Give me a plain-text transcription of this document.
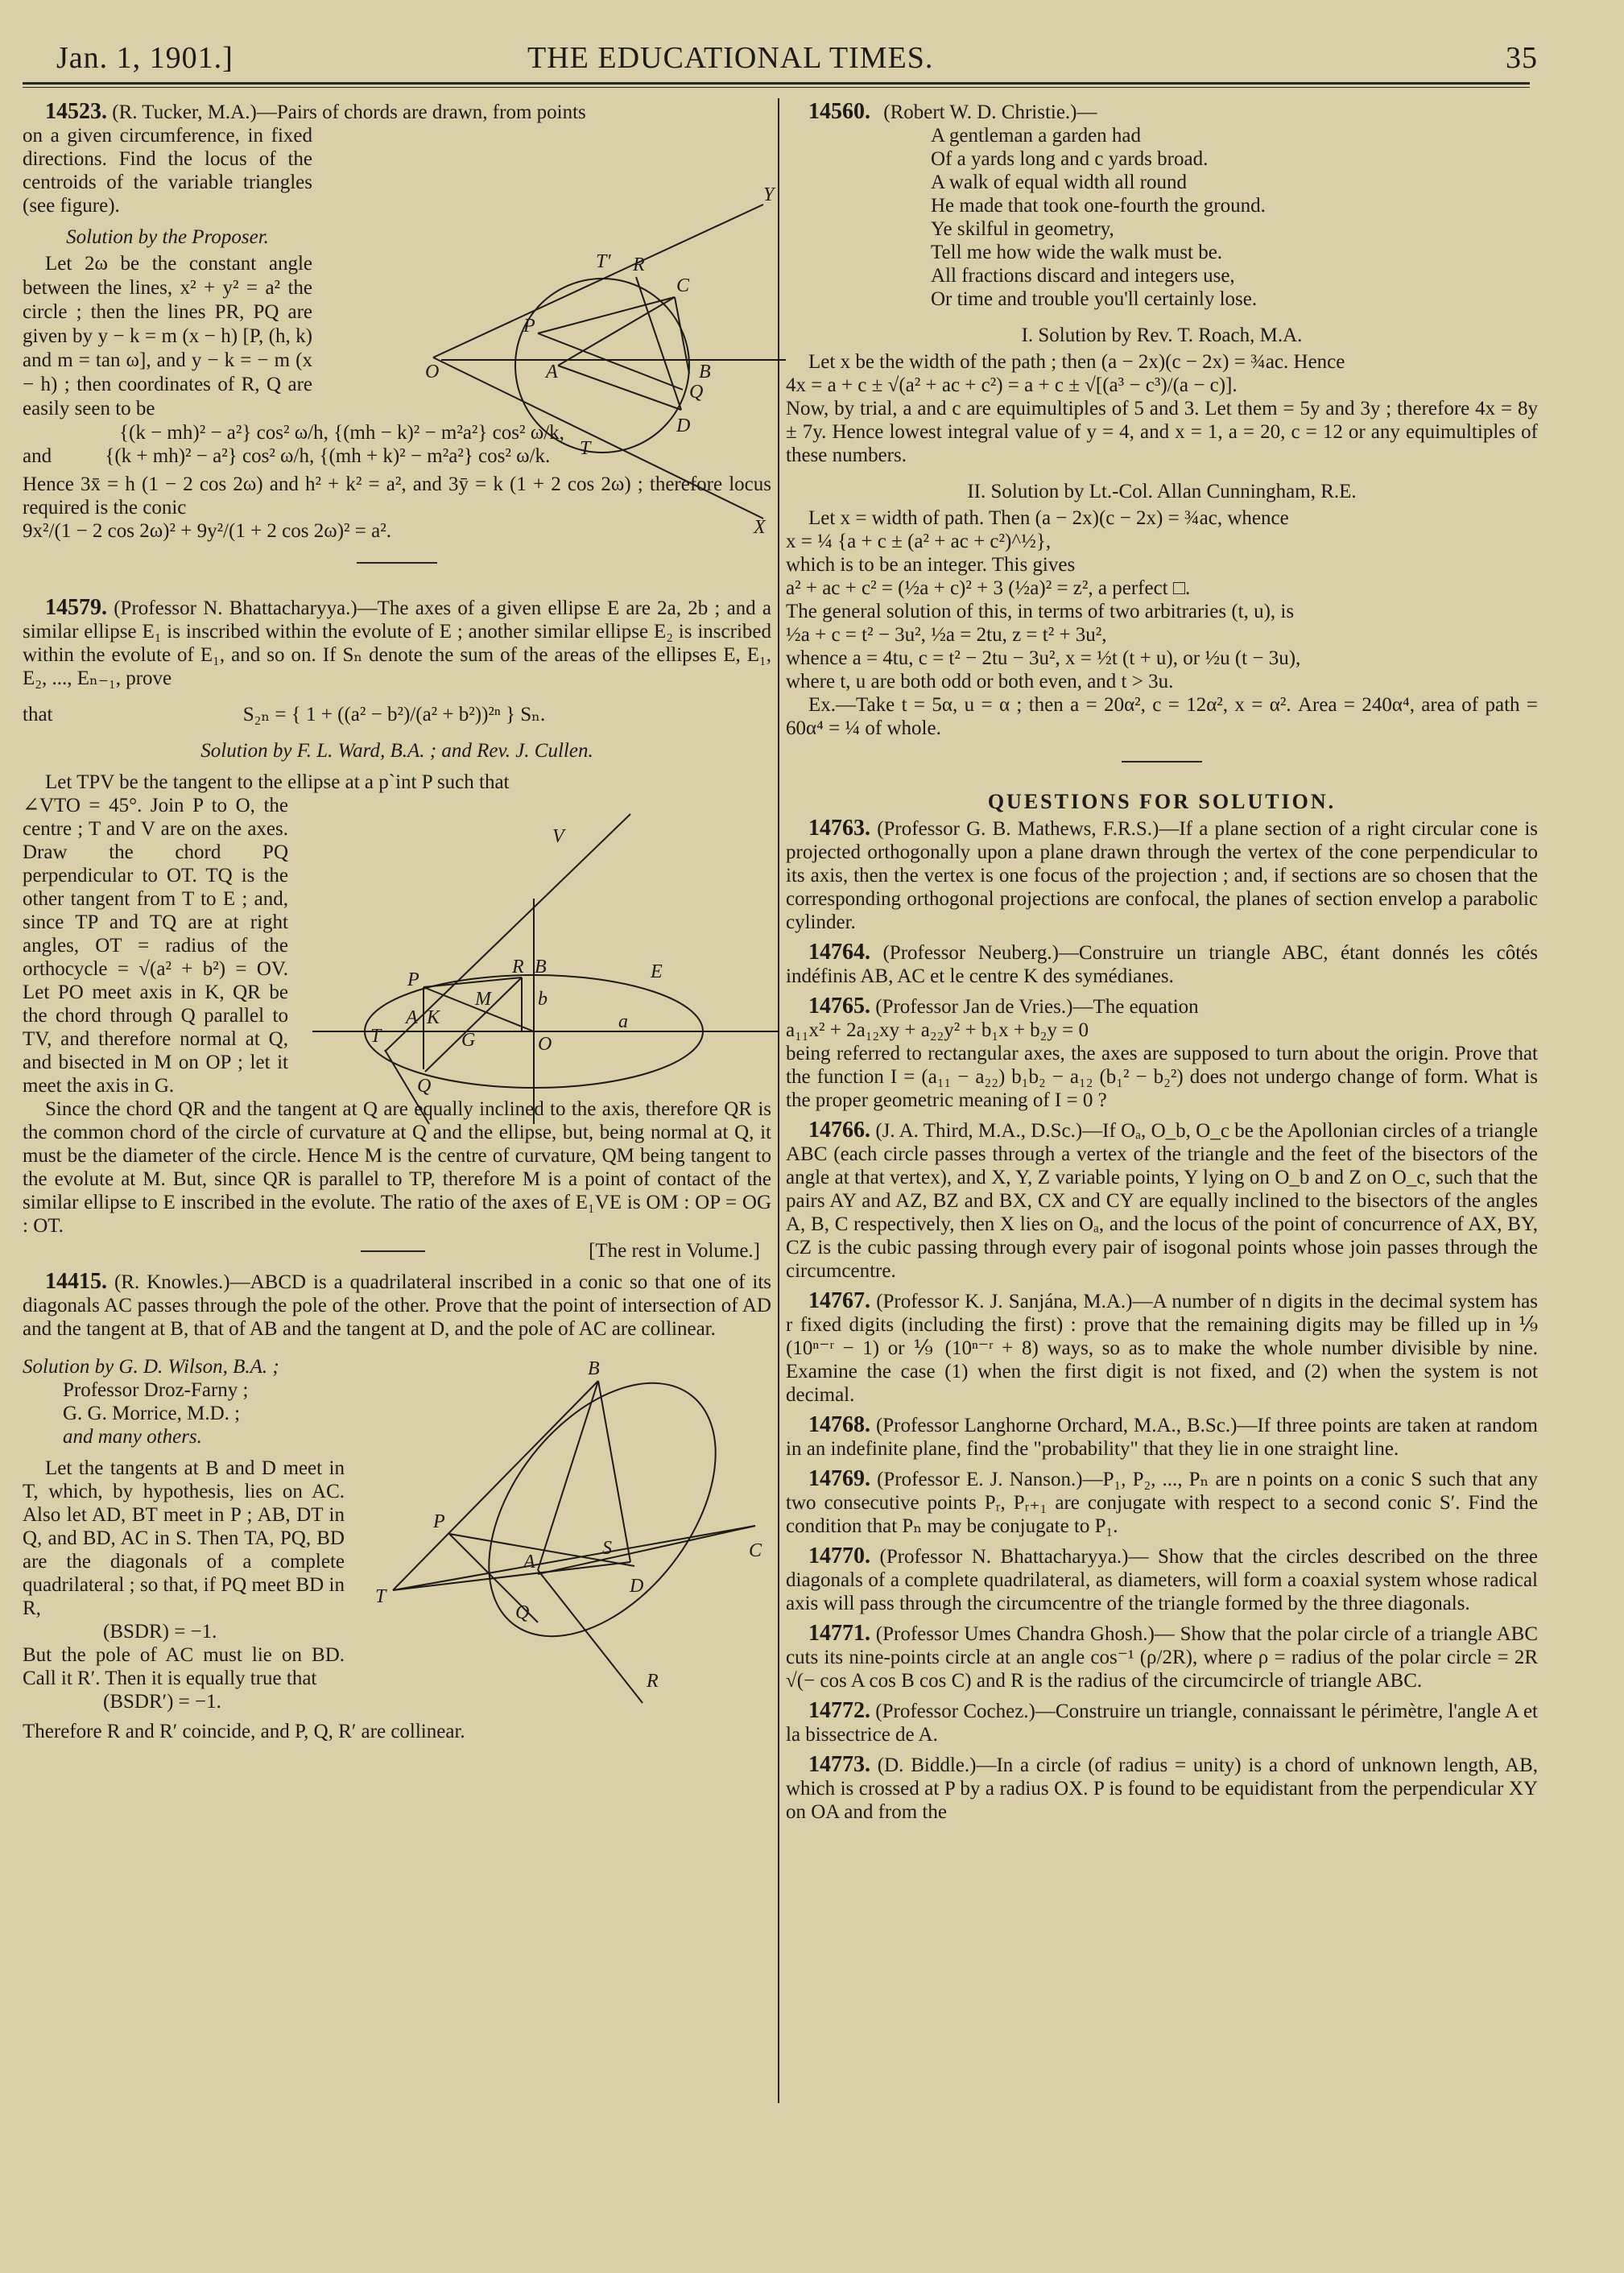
Jan. 1, 1901.]	THE EDUCATIONAL TIMES.	35

14523. (R. Tucker, M.A.)—Pairs of chords are drawn, from points

Y
T′ R
C
P
O	A	B
Q
D
T
X

on a given circumference, in fixed directions. Find the locus of the centroids of the variable triangles (see figure).

Solution by the Proposer.

Let 2ω be the constant angle between the lines, x² + y² = a² the circle ; then the lines PR, PQ are given by y − k = m (x − h) [P, (h, k) and m = tan ω], and y − k = − m (x − h) ; then coordinates of R, Q are easily seen to be

{(k − mh)² − a²} cos² ω/h, {(mh − k)² − m²a²} cos² ω/k,

and	{(k + mh)² − a²} cos² ω/h, {(mh + k)² − m²a²} cos² ω/k.

Hence 3x̄ = h (1 − 2 cos 2ω) and h² + k² = a², and 3ȳ = k (1 + 2 cos 2ω) ; therefore locus required is the conic

9x²/(1 − 2 cos 2ω)² + 9y²/(1 + 2 cos 2ω)² = a².

14579. (Professor N. Bhattacharyya.)—The axes of a given ellipse E are 2a, 2b ; and a similar ellipse E₁ is inscribed within the evolute of E ; another similar ellipse E₂ is inscribed within the evolute of E₁, and so on. If Sₙ denote the sum of the areas of the ellipses E, E₁, E₂, ..., Eₙ₋₁, prove

that	S₂ₙ = { 1 + ((a² − b²)/(a² + b²))²ⁿ } Sₙ.

Solution by F. L. Ward, B.A. ; and Rev. J. Cullen.

Let TPV be the tangent to the ellipse at a p`int P such that

V
R B	E
P
M b
a
T
A K
G	O
Q

∠VTO = 45°. Join P to O, the centre ; T and V are on the axes. Draw the chord PQ perpendicular to OT. TQ is the other tangent from T to E ; and, since TP and TQ are at right angles, OT = radius of the orthocycle = √(a² + b²) = OV. Let PO meet axis in K, QR be the chord through Q parallel to TV, and therefore normal at Q, and bisected in M on OP ; let it meet the axis in G.

Since the chord QR and the tangent at Q are equally inclined to the axis, therefore QR is the common chord of the circle of curvature at Q and the ellipse, but, being normal at Q, it must be the diameter of the circle. Hence M is the centre of curvature, QM being tangent to the evolute at M. But, since QR is parallel to TP, therefore M is a point of contact of the similar ellipse to E inscribed in the evolute. The ratio of the axes of E₁VE is OM : OP = OG : OT.

[The rest in Volume.]

14415. (R. Knowles.)—ABCD is a quadrilateral inscribed in a conic so that one of its diagonals AC passes through the pole of the other. Prove that the point of intersection of AD and the tangent at B, that of AB and the tangent at D, and the pole of AC are collinear.

B
P
A
S	C
T
Q
D
R

Solution by G. D. Wilson, B.A. ;

Professor Droz-Farny ;

G. G. Morrice, M.D. ;

and many others.

Let the tangents at B and D meet in T, which, by hypothesis, lies on AC. Also let AD, BT meet in P ; AB, DT in Q, and BD, AC in S. Then TA, PQ, BD are the diagonals of a complete quadrilateral ; so that, if PQ meet BD in R,

(BSDR) = −1.

But the pole of AC must lie on BD. Call it R′. Then it is equally true that

(BSDR′) = −1.

Therefore R and R′ coincide, and P, Q, R′ are collinear.

14560. (Robert W. D. Christie.)—

A gentleman a garden had

Of a yards long and c yards broad.

A walk of equal width all round

He made that took one-fourth the ground.

Ye skilful in geometry,

Tell me how wide the walk must be.

All fractions discard and integers use,

Or time and trouble you'll certainly lose.

I. Solution by Rev. T. Roach, M.A.

Let x be the width of the path ; then (a − 2x)(c − 2x) = ¾ac. Hence

4x = a + c ± √(a² + ac + c²) = a + c ± √[(a³ − c³)/(a − c)].

Now, by trial, a and c are equimultiples of 5 and 3. Let them = 5y and 3y ; therefore 4x = 8y ± 7y. Hence lowest integral value of y = 4, and x = 1, a = 20, c = 12 or any equimultiples of these numbers.

II. Solution by Lt.-Col. Allan Cunningham, R.E.

Let x = width of path. Then (a − 2x)(c − 2x) = ¾ac, whence

x = ¼ {a + c ± (a² + ac + c²)^½},

which is to be an integer. This gives

a² + ac + c² = (½a + c)² + 3 (½a)² = z², a perfect □.

The general solution of this, in terms of two arbitraries (t, u), is

½a + c = t² − 3u², ½a = 2tu, z = t² + 3u²,

whence a = 4tu, c = t² − 2tu − 3u², x = ½t (t + u), or ½u (t − 3u),

where t, u are both odd or both even, and t > 3u.

Ex.—Take t = 5α, u = α ; then a = 20α², c = 12α², x = α². Area = 240α⁴, area of path = 60α⁴ = ¼ of whole.

QUESTIONS FOR SOLUTION.

14763. (Professor G. B. Mathews, F.R.S.)—If a plane section of a right circular cone is projected orthogonally upon a plane drawn through the vertex of the cone perpendicular to its axis, then the vertex is one focus of the projection ; and, if sections are so chosen that the corresponding orthogonal projections are confocal, the planes of section envelop a parabolic cylinder.

14764. (Professor Neuberg.)—Construire un triangle ABC, étant donnés les côtés indéfinis AB, AC et le centre K des symédianes.

14765. (Professor Jan de Vries.)—The equation

a₁₁x² + 2a₁₂xy + a₂₂y² + b₁x + b₂y = 0

being referred to rectangular axes, the axes are supposed to turn about the origin. Prove that the function I = (a₁₁ − a₂₂) b₁b₂ − a₁₂ (b₁² − b₂²) does not undergo change of form. What is the proper geometric meaning of I = 0 ?

14766. (J. A. Third, M.A., D.Sc.)—If Oₐ, O_b, O_c be the Apollonian circles of a triangle ABC (each circle passes through a vertex of the triangle and the feet of the bisectors of the angle at that vertex), and X, Y, Z variable points, Y lying on O_b and Z on O_c, such that the pairs AY and AZ, BZ and BX, CX and CY are equally inclined to the bisectors of the angles A, B, C respectively, then X lies on Oₐ, and the locus of the point of concurrence of AX, BY, CZ is the cubic passing through every pair of isogonal points whose join passes through the circumcentre.

14767. (Professor K. J. Sanjána, M.A.)—A number of n digits in the decimal system has r fixed digits (including the first) : prove that the remaining digits may be filled up in ⅑ (10ⁿ⁻ʳ − 1) or ⅑ (10ⁿ⁻ʳ + 8) ways, so as to make the whole number divisible by nine. Examine the case (1) when the first digit is not fixed, and (2) when the system is not decimal.

14768. (Professor Langhorne Orchard, M.A., B.Sc.)—If three points are taken at random in an indefinite plane, find the "probability" that they lie in one straight line.

14769. (Professor E. J. Nanson.)—P₁, P₂, ..., Pₙ are n points on a conic S such that any two consecutive points Pᵣ, Pᵣ₊₁ are conjugate with respect to a second conic S′. Find the condition that Pₙ may be conjugate to P₁.

14770. (Professor N. Bhattacharyya.)— Show that the circles described on the three diagonals of a complete quadrilateral, as diameters, will form a coaxial system whose radical axis will pass through the circumcentre of the triangle formed by the three diagonals.

14771. (Professor Umes Chandra Ghosh.)— Show that the polar circle of a triangle ABC cuts its nine-points circle at an angle cos⁻¹ (ρ/2R), where ρ = radius of the polar circle = 2R √(− cos A cos B cos C) and R is the radius of the circumcircle of triangle ABC.

14772. (Professor Cochez.)—Construire un triangle, connaissant le périmètre, l'angle A et la bissectrice de A.

14773. (D. Biddle.)—In a circle (of radius = unity) is a chord of unknown length, AB, which is crossed at P by a radius OX. P is found to be equidistant from the perpendicular XY on OA and from the
